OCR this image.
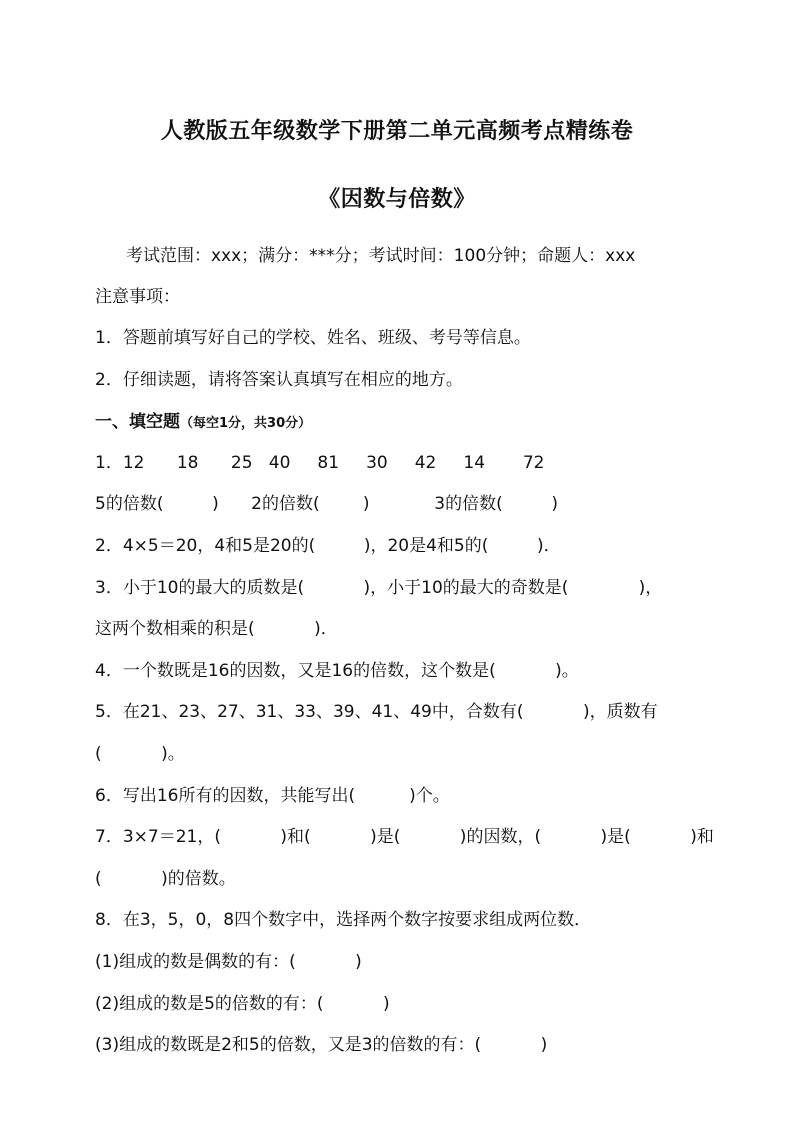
人教版五年级数学下册第二单元高频考点精练卷
《因数与倍数》
考试范围：xxx；满分：***分；考试时间：100分钟；命题人：xxx
注意事项：
1．答题前填写好自己的学校、姓名、班级、考号等信息。
2．仔细读题，请将答案认真填写在相应的地方。
一、填空题（每空1分，共30分）
1．12      18      25   40     81     30     42     14       72
5的倍数(         )      2的倍数(        )            3的倍数(         )
2．4×5＝20，4和5是20的(         )，20是4和5的(         )．
3．小于10的最大的质数是(           )，小于10的最大的奇数是(             )，
这两个数相乘的积是(           )．
4．一个数既是16的因数，又是16的倍数，这个数是(           )。
5．在21、23、27、31、33、39、41、49中，合数有(           )，质数有
(           )。
6．写出16所有的因数，共能写出(          )个。
7．3×7＝21，(           )和(           )是(           )的因数，(           )是(           )和
(           )的倍数。
8．在3，5，0，8四个数字中，选择两个数字按要求组成两位数．
(1)组成的数是偶数的有：(           )
(2)组成的数是5的倍数的有：(           )
(3)组成的数既是2和5的倍数，又是3的倍数的有：(           )
